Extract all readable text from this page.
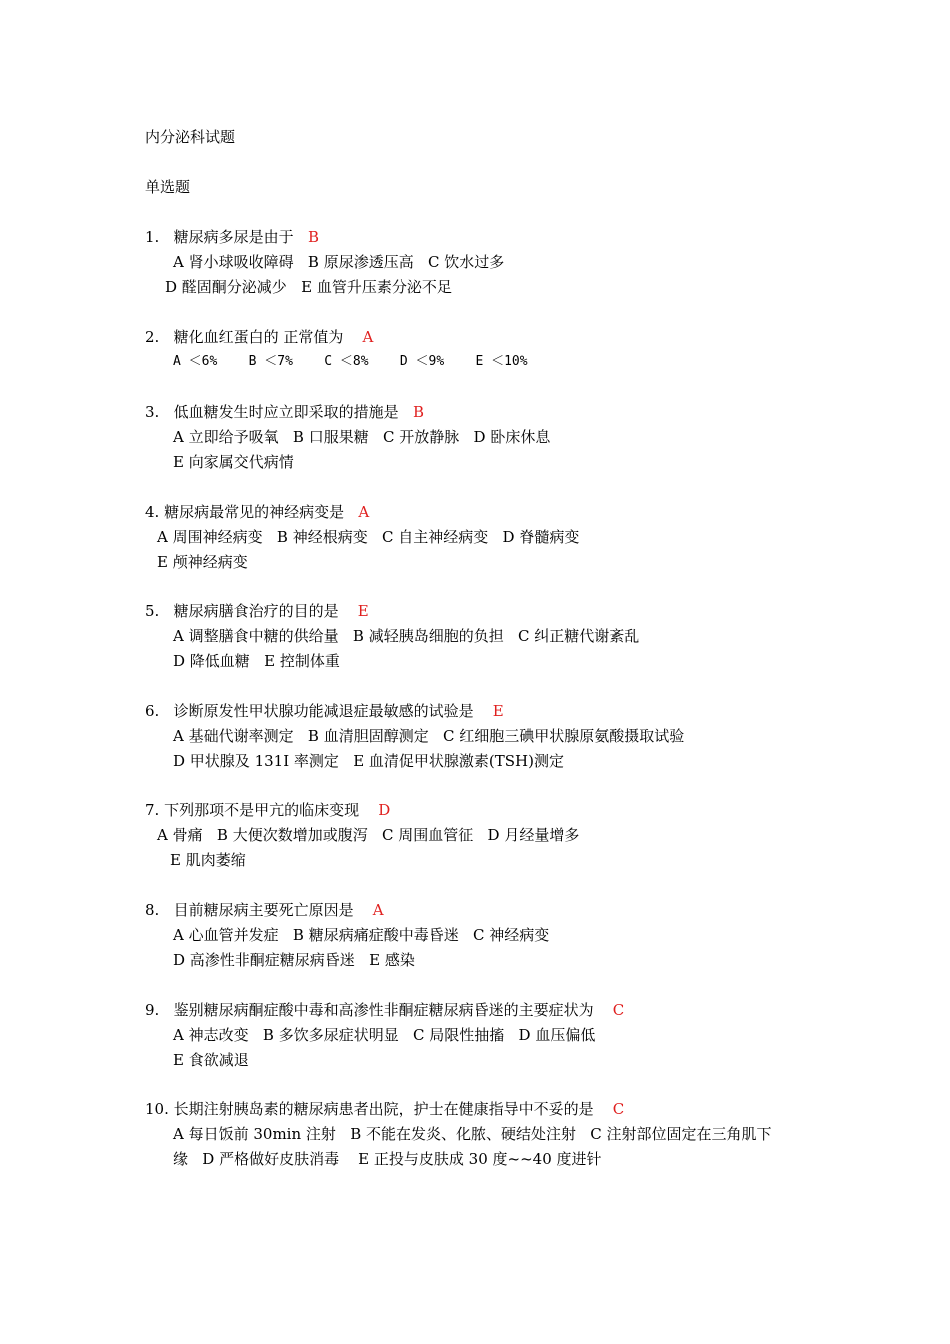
内分泌科试题

单选题

1. 糖尿病多尿是由于 B

A 肾小球吸收障碍   B 原尿渗透压高   C 饮水过多

D 醛固酮分泌减少   E 血管升压素分泌不足

2. 糖化血红蛋白的 正常值为 A

A ＜6%    B ＜7%    C ＜8%    D ＜9%    E ＜10%

3. 低血糖发生时应立即采取的措施是 B

A 立即给予吸氧   B 口服果糖   C 开放静脉   D 卧床休息

E 向家属交代病情

4. 糖尿病最常见的神经病变是 A

A 周围神经病变   B 神经根病变   C 自主神经病变   D 脊髓病变

E 颅神经病变

5. 糖尿病膳食治疗的目的是 E

A 调整膳食中糖的供给量   B 减轻胰岛细胞的负担   C 纠正糖代谢紊乱

D 降低血糖   E 控制体重

6. 诊断原发性甲状腺功能减退症最敏感的试验是 E

A 基础代谢率测定   B 血清胆固醇测定   C 红细胞三碘甲状腺原氨酸摄取试验

D 甲状腺及 131I 率测定   E 血清促甲状腺激素(TSH)测定

7. 下列那项不是甲亢的临床变现 D

A 骨痛   B 大便次数增加或腹泻   C 周围血管征   D 月经量增多

E 肌肉萎缩

8. 目前糖尿病主要死亡原因是 A

A 心血管并发症   B 糖尿病痛症酸中毒昏迷   C 神经病变

D 高渗性非酮症糖尿病昏迷   E 感染

9. 鉴别糖尿病酮症酸中毒和高渗性非酮症糖尿病昏迷的主要症状为 C

A 神志改变   B 多饮多尿症状明显   C 局限性抽搐   D 血压偏低

E 食欲减退

10. 长期注射胰岛素的糖尿病患者出院，护士在健康指导中不妥的是 C

A 每日饭前 30min 注射   B 不能在发炎、化脓、硬结处注射   C 注射部位固定在三角肌下

缘   D 严格做好皮肤消毒    E 正投与皮肤成 30 度~~40 度进针
